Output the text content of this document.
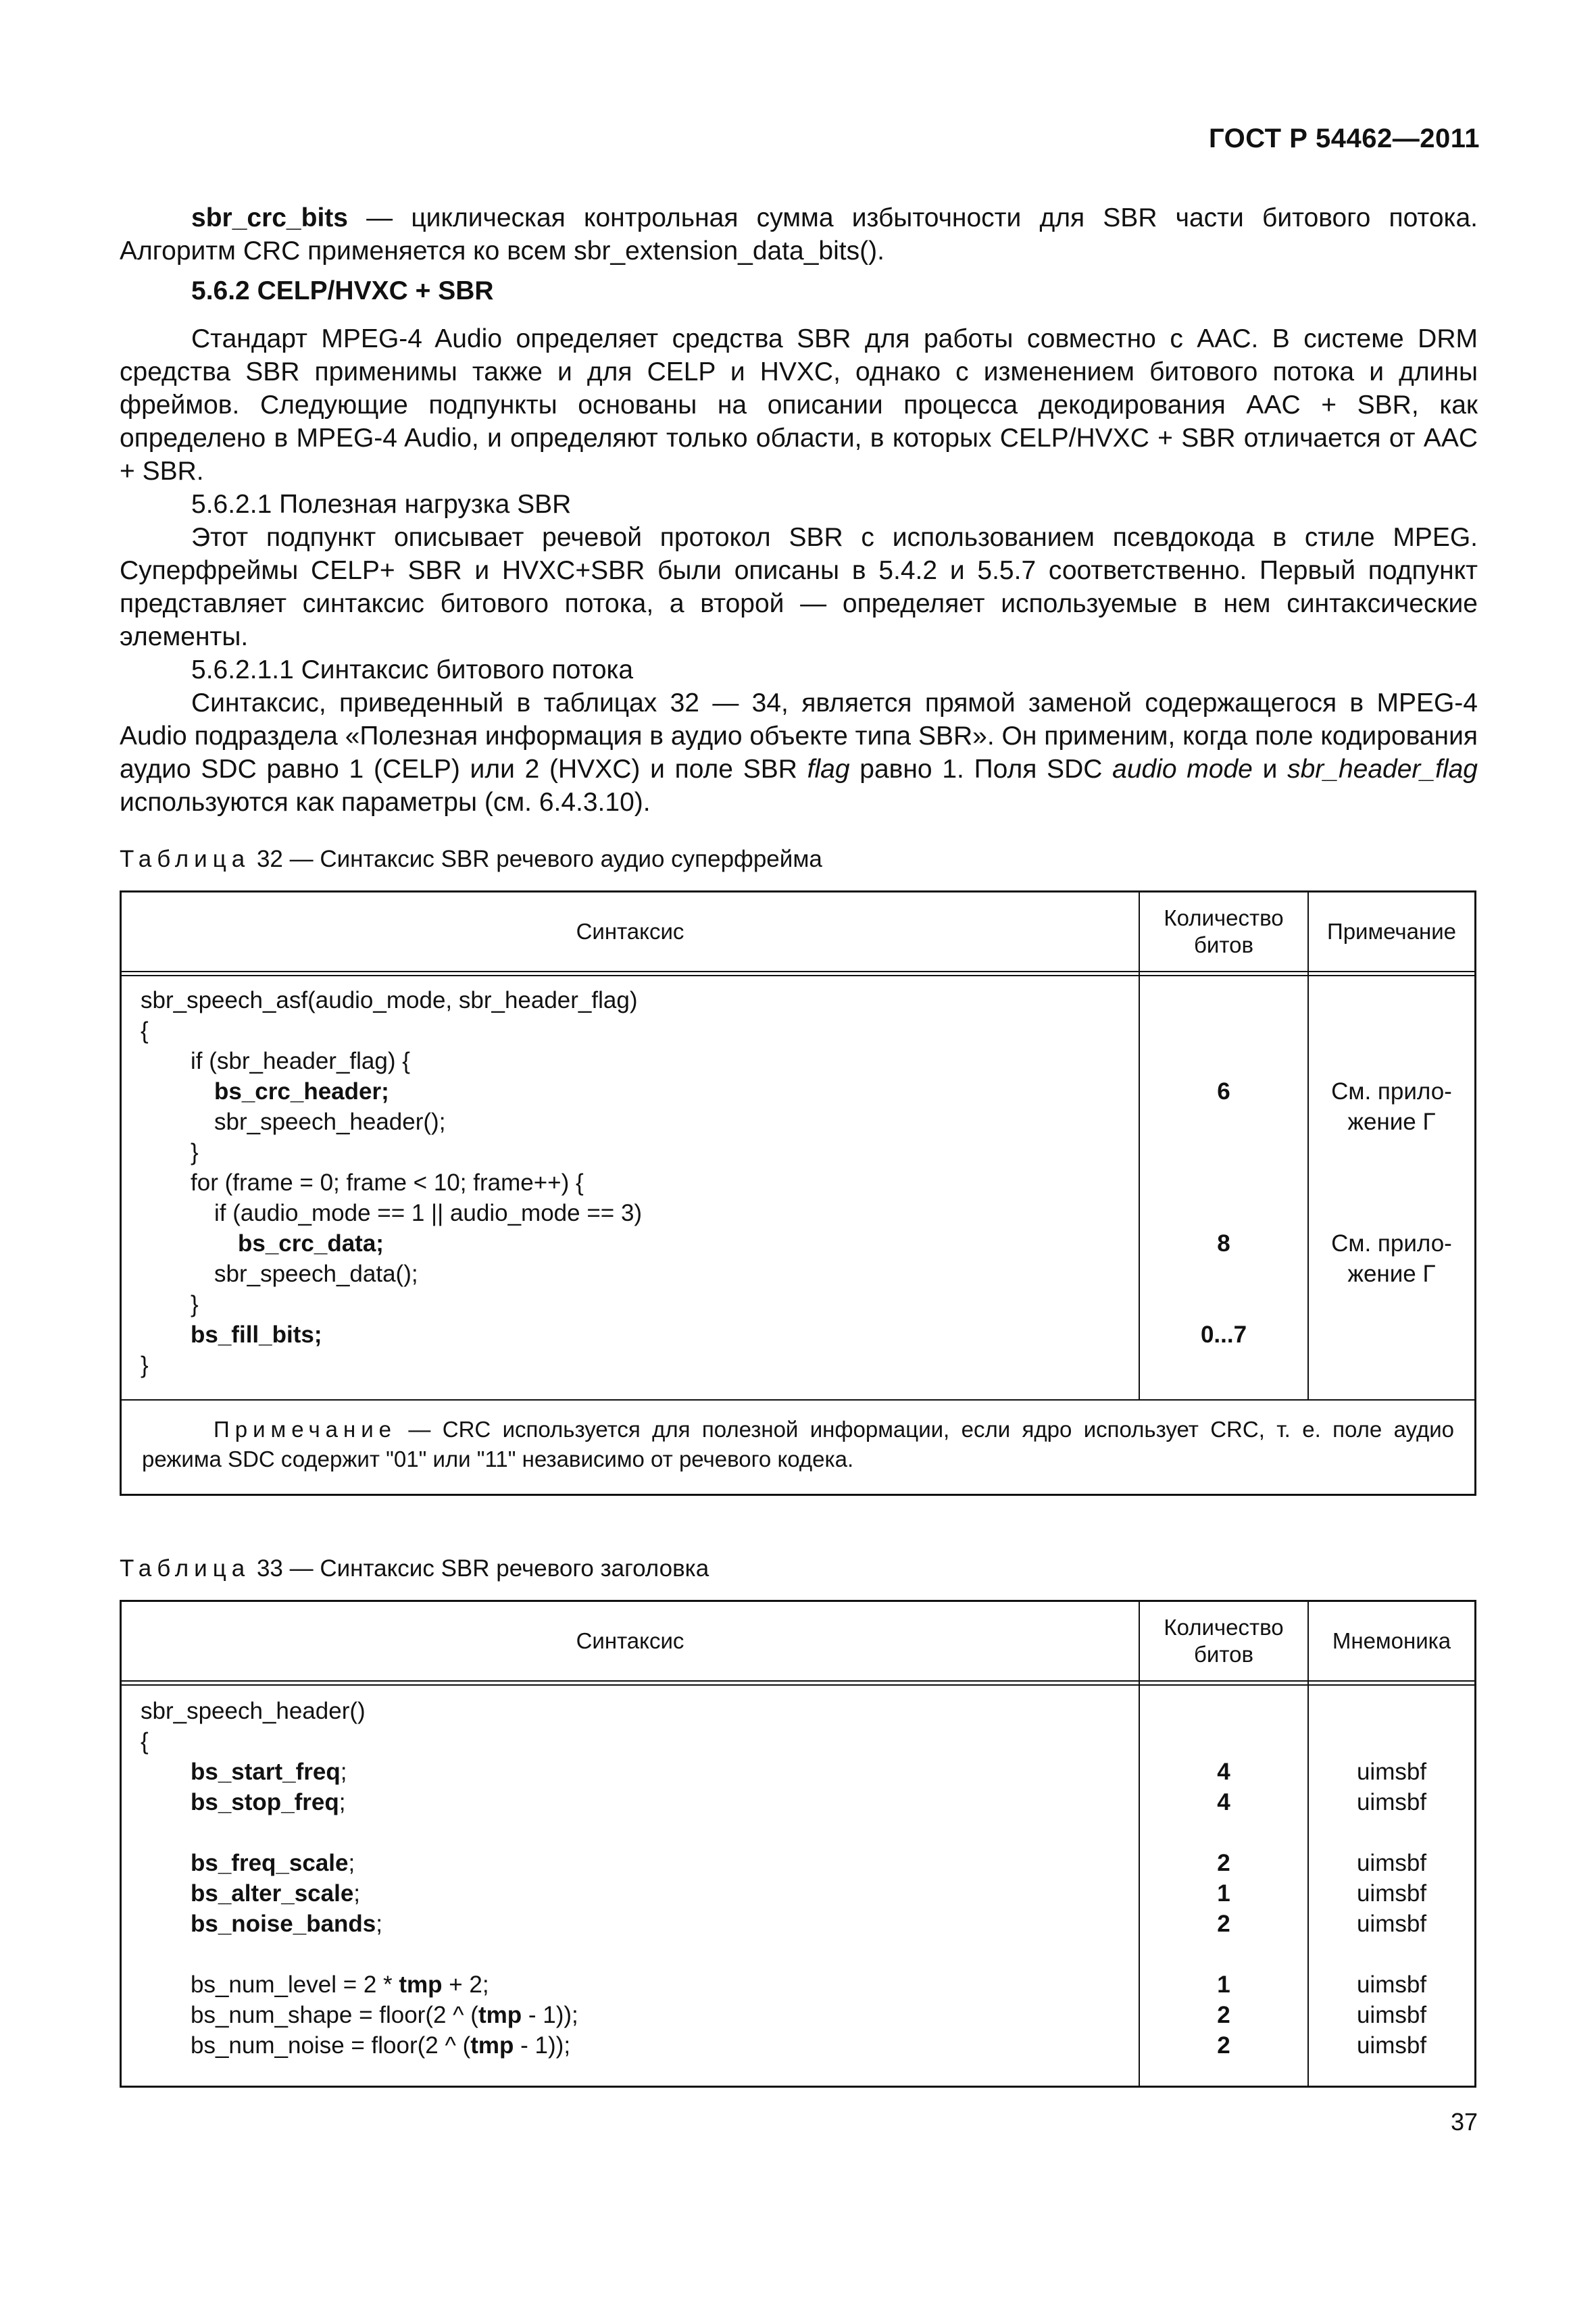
ГОСТ Р 54462—2011

sbr_crc_bits — циклическая контрольная сумма избыточности для SBR части битового потока. Алгоритм CRC применяется ко всем sbr_extension_data_bits().

5.6.2 CELP/HVXC + SBR

Стандарт MPEG-4 Audio определяет средства SBR для работы совместно с AAC. В системе DRM средства SBR применимы также и для CELP и HVXC, однако с изменением битового потока и длины фреймов. Следующие подпункты основаны на описании процесса декодирования AAC + SBR, как определено в MPEG-4 Audio, и определяют только области, в которых CELP/HVXC + SBR отличается от AAC + SBR.

5.6.2.1 Полезная нагрузка SBR

Этот подпункт описывает речевой протокол SBR с использованием псевдокода в стиле MPEG. Суперфреймы CELP+ SBR и HVXC+SBR были описаны в 5.4.2 и 5.5.7 соответственно. Первый подпункт представляет синтаксис битового потока, а второй — определяет используемые в нем синтаксические элементы.

5.6.2.1.1 Синтаксис битового потока

Синтаксис, приведенный в таблицах 32 — 34, является прямой заменой содержащегося в MPEG-4 Audio подраздела «Полезная информация в аудио объекте типа SBR». Он применим, когда поле кодирования аудио SDC равно 1 (CELP) или 2 (HVXC) и поле SBR flag равно 1. Поля SDC audio mode и sbr_header_flag используются как параметры (см. 6.4.3.10).

Таблица 32 — Синтаксис SBR речевого аудио суперфрейма
Синтаксис
Количество битов
Примечание
sbr_speech_asf(audio_mode, sbr_header_flag)
{
if (sbr_header_flag) {
bs_crc_header;
sbr_speech_header();
}
for (frame = 0; frame < 10; frame++) {
if (audio_mode == 1 || audio_mode == 3)
bs_crc_data;
sbr_speech_data();
}
bs_fill_bits;
}
6
8
0...7
См. прило-
жение Г
См. прило-
жение Г
Примечание — CRC используется для полезной информации, если ядро использует CRC, т. е. поле аудио режима SDC содержит "01" или "11" независимо от речевого кодека.
Таблица 33 — Синтаксис SBR речевого заголовка
Синтаксис
Количество битов
Мнемоника
sbr_speech_header()
{
bs_start_freq;
bs_stop_freq;
bs_freq_scale;
bs_alter_scale;
bs_noise_bands;
bs_num_level = 2 * tmp + 2;
bs_num_shape = floor(2 ^ (tmp - 1));
bs_num_noise = floor(2 ^ (tmp - 1));
4
4
2
1
2
1
2
2
uimsbf
uimsbf
uimsbf
uimsbf
uimsbf
uimsbf
uimsbf
uimsbf
37
